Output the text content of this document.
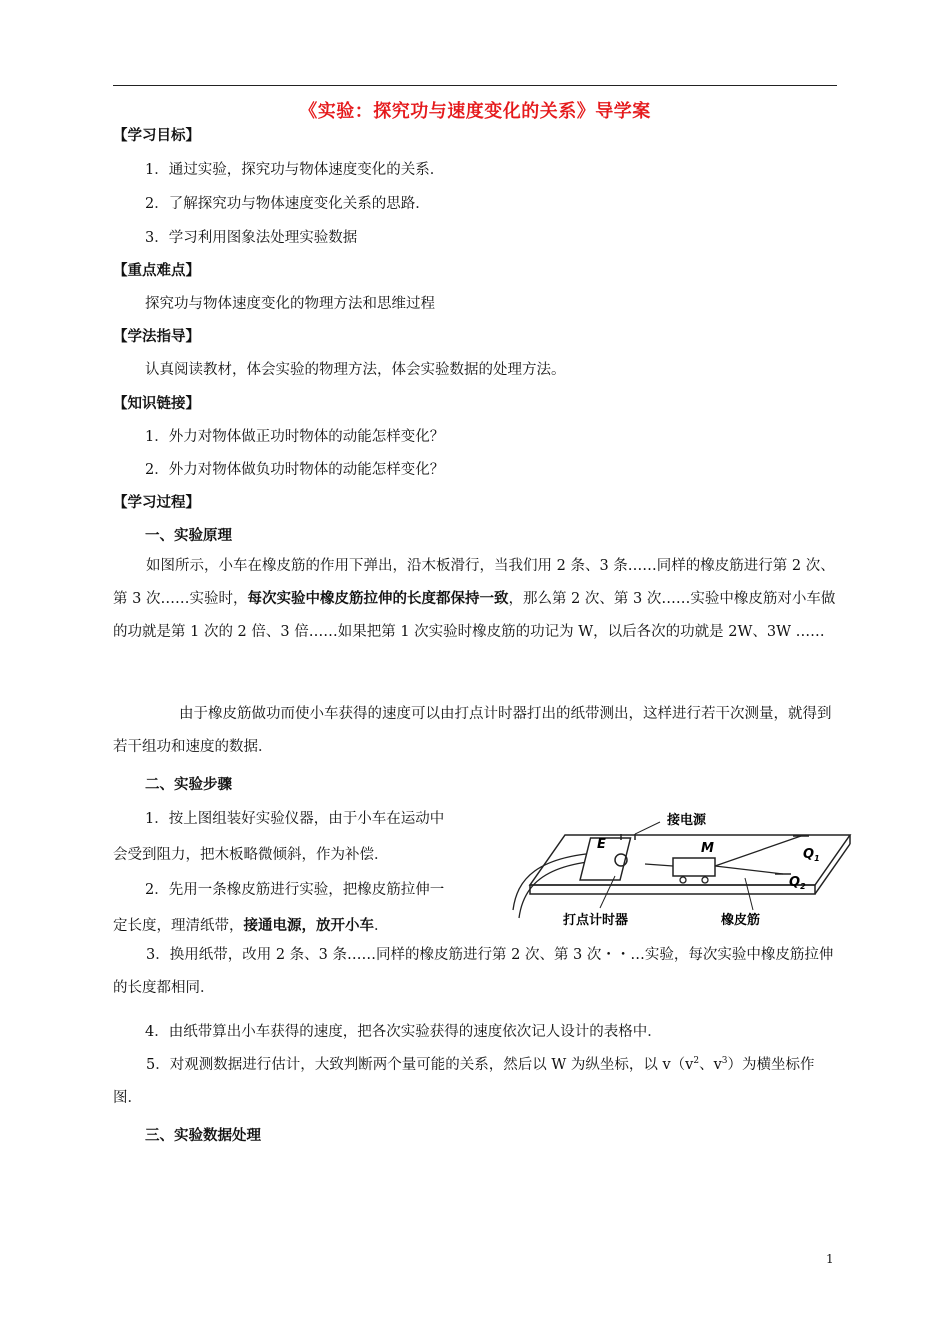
《实验：探究功与速度变化的关系》导学案
【学习目标】
1．通过实验，探究功与物体速度变化的关系．
2．了解探究功与物体速度变化关系的思路．
3．学习利用图象法处理实验数据
【重点难点】
探究功与物体速度变化的物理方法和思维过程
【学法指导】
认真阅读教材，体会实验的物理方法，体会实验数据的处理方法。
【知识链接】
1．外力对物体做正功时物体的动能怎样变化？
2．外力对物体做负功时物体的动能怎样变化？
【学习过程】
一、实验原理
如图所示，小车在橡皮筋的作用下弹出，沿木板滑行，当我们用 2 条、3 条……同样的橡皮筋进行第 2 次、第 3 次……实验时，每次实验中橡皮筋拉伸的长度都保持一致，那么第 2 次、第 3 次……实验中橡皮筋对小车做的功就是第 1 次的 2 倍、3 倍……如果把第 1 次实验时橡皮筋的功记为 W，以后各次的功就是 2W、3W ……
由于橡皮筋做功而使小车获得的速度可以由打点计时器打出的纸带测出，这样进行若干次测量，就得到若干组功和速度的数据．
二、实验步骤
1．按上图组装好实验仪器，由于小车在运动中
会受到阻力，把木板略微倾斜，作为补偿．
2．先用一条橡皮筋进行实验，把橡皮筋拉伸一
定长度，理清纸带，接通电源，放开小车．
3．换用纸带，改用 2 条、3 条……同样的橡皮筋进行第 2 次、第 3 次・・…实验，每次实验中橡皮筋拉伸的长度都相同．
4．由纸带算出小车获得的速度，把各次实验获得的速度依次记人设计的表格中．
5．对观测数据进行估计，大致判断两个量可能的关系，然后以 W 为纵坐标，以 $v(v^2$、$v^3$）为横坐标作图．
三、实验数据处理
接电源
E	M	$Q_1$
$Q_2$
打点计时器	橡皮筋
1
